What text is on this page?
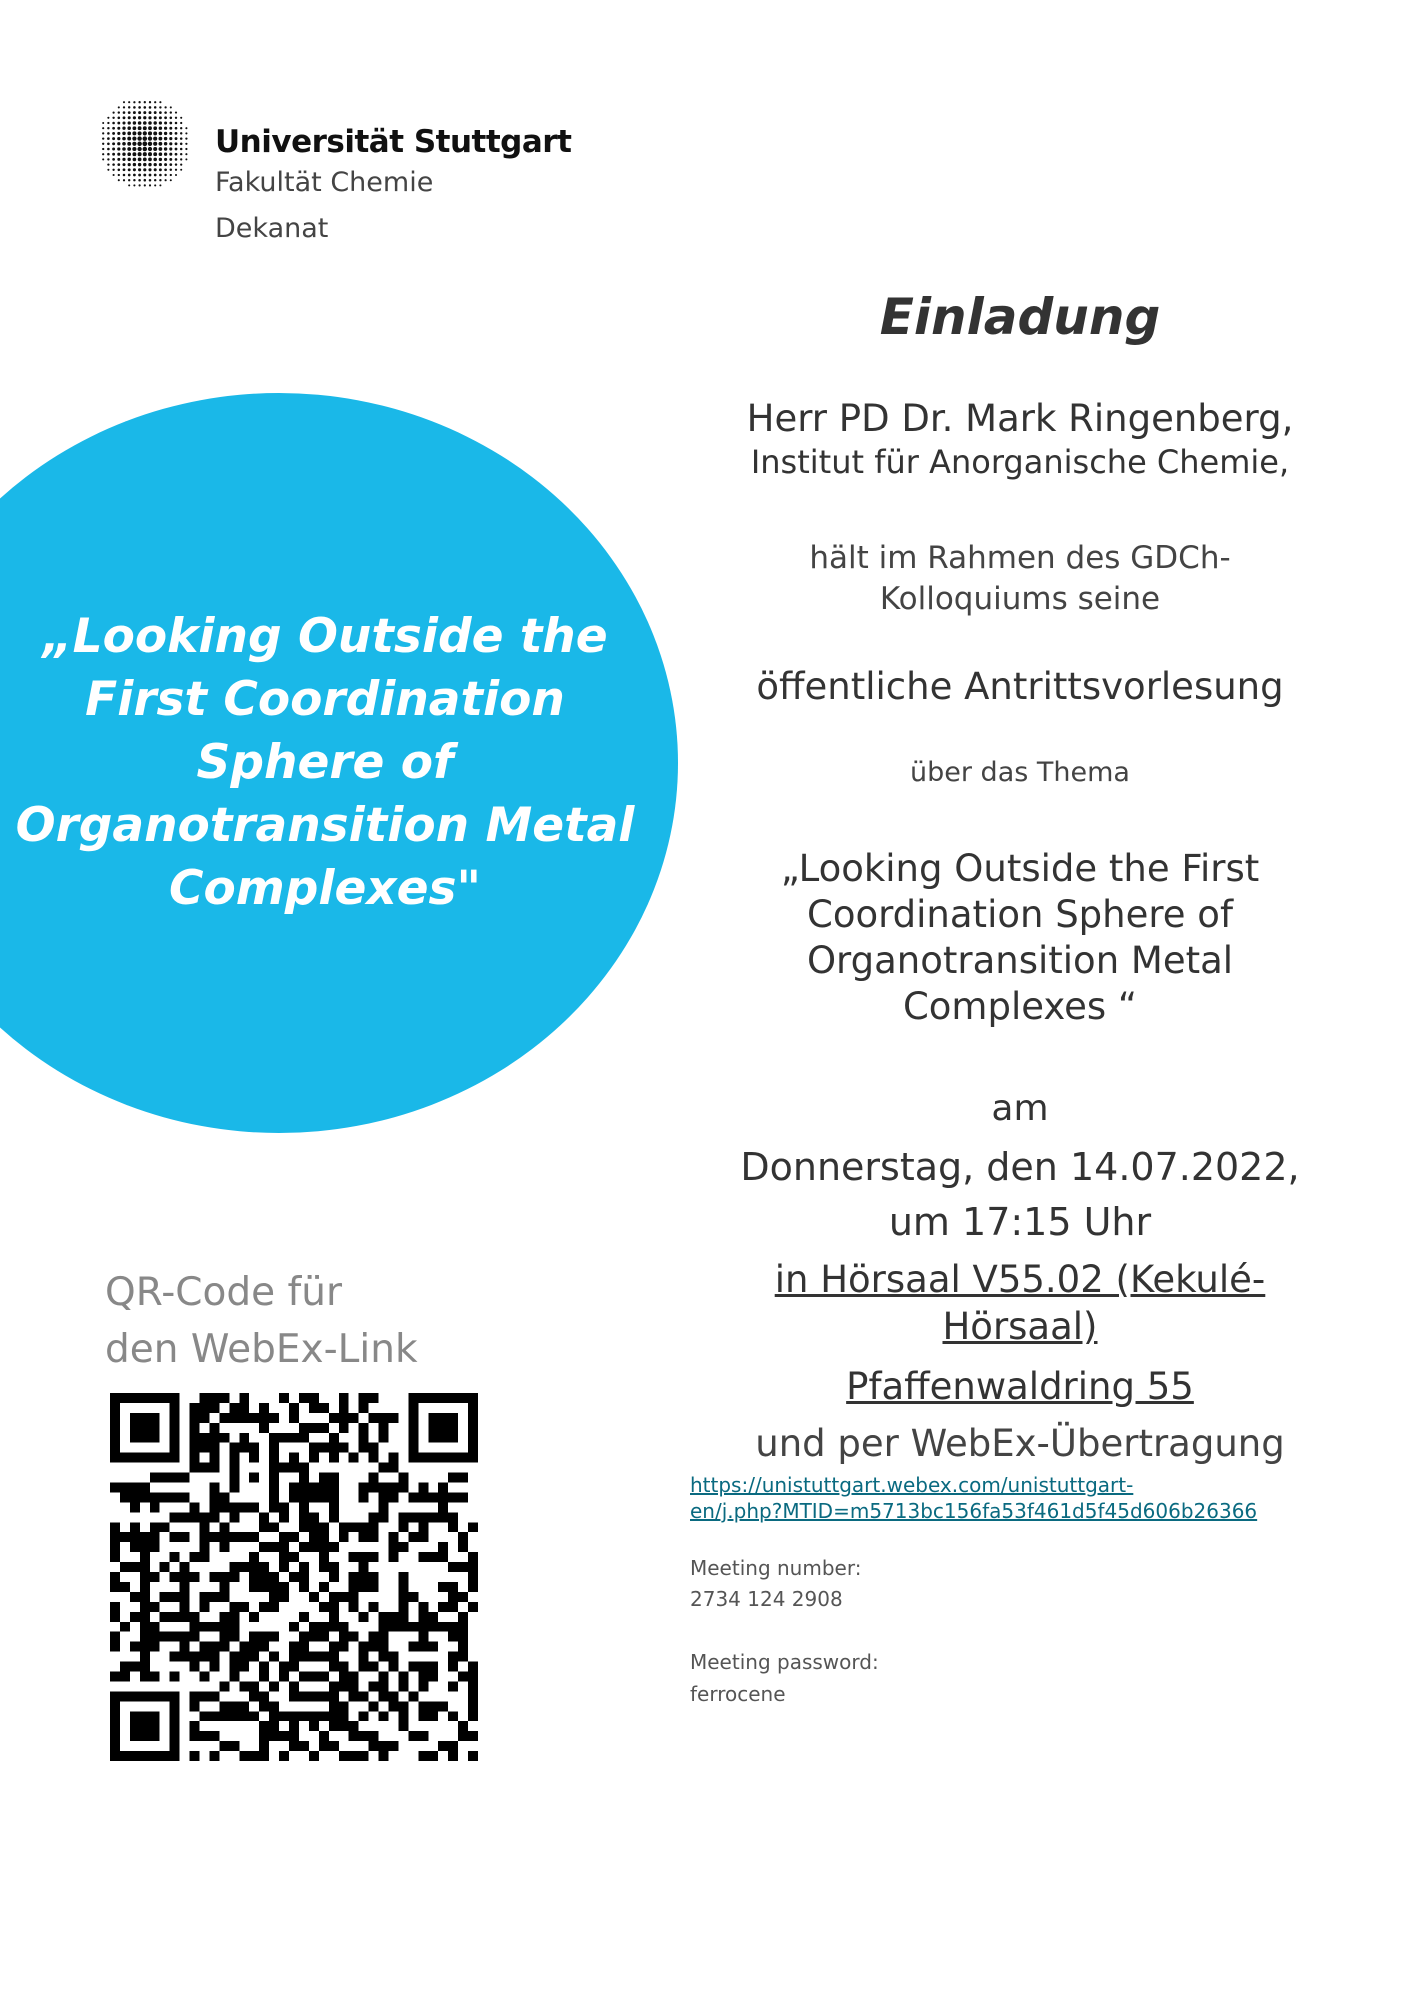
Universität Stuttgart
Fakultät Chemie
Dekanat
„Looking Outside the
First Coordination
Sphere of
Organotransition Metal
Complexes"
Einladung
Herr PD Dr. Mark Ringenberg,
Institut für Anorganische Chemie,
hält im Rahmen des GDCh-
Kolloquiums seine
öffentliche Antrittsvorlesung
über das Thema
„Looking Outside the First
Coordination Sphere of
Organotransition Metal
Complexes “
am
Donnerstag, den 14.07.2022,
um 17:15 Uhr
in Hörsaal V55.02 (Kekulé-
Hörsaal)
Pfaffenwaldring 55
und per WebEx-Übertragung
https://unistuttgart.webex.com/unistuttgart-
en/j.php?MTID=m5713bc156fa53f461d5f45d606b26366
Meeting number:
2734 124 2908
Meeting password:
ferrocene
QR-Code für
den WebEx-Link
